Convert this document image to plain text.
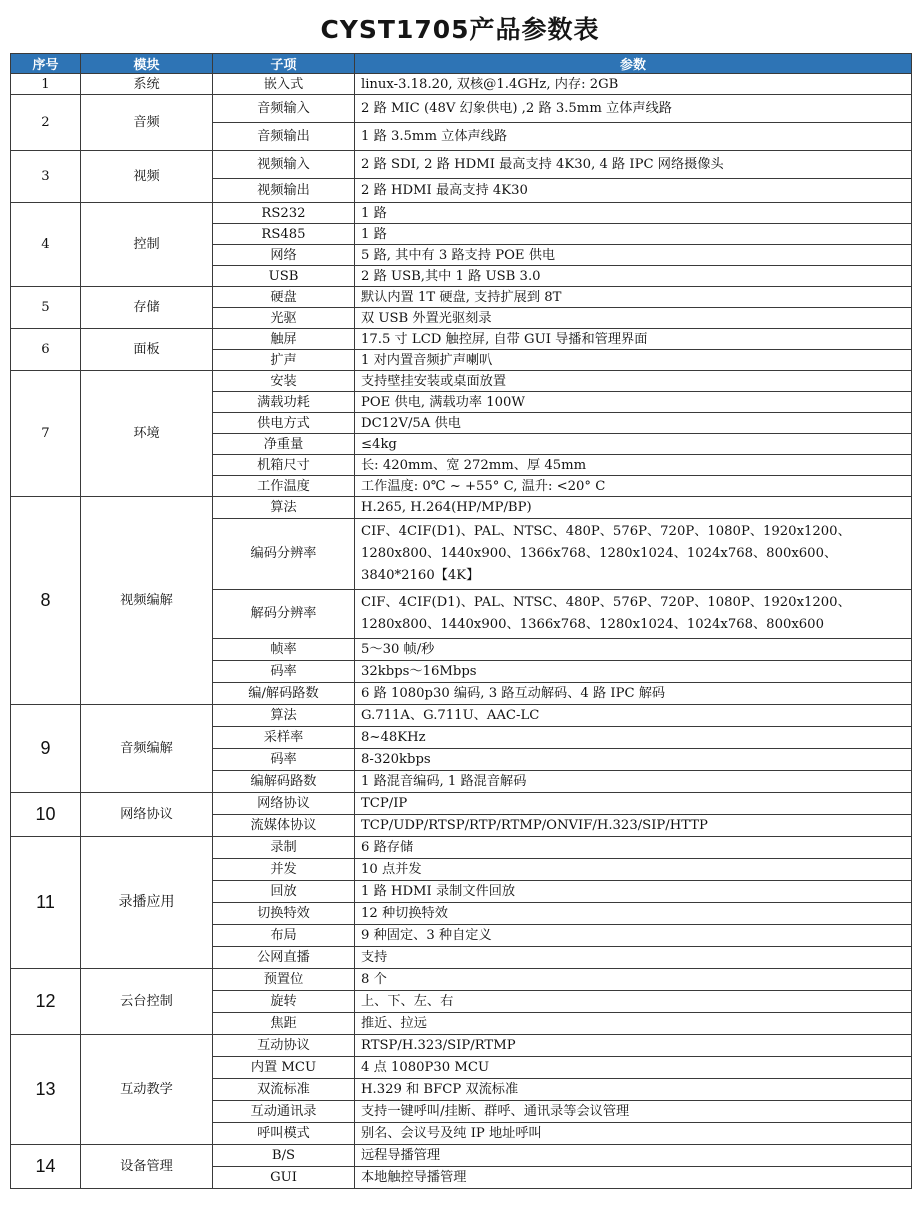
CYST1705产品参数表
序号	模块	子项	参数
1	系统	嵌入式	linux-3.18.20, 双核@1.4GHz, 内存: 2GB
2	音频	音频输入	2 路 MIC (48V 幻象供电) ,2 路 3.5mm 立体声线路
		音频输出	1 路 3.5mm 立体声线路
3	视频	视频输入	2 路 SDI, 2 路 HDMI 最高支持 4K30, 4 路 IPC 网络摄像头
		视频输出	2 路 HDMI 最高支持 4K30
4	控制	RS232	1 路
		RS485	1 路
		网络	5 路, 其中有 3 路支持 POE 供电
		USB	2 路 USB,其中 1 路 USB 3.0
5	存储	硬盘	默认内置 1T 硬盘, 支持扩展到 8T
		光驱	双 USB 外置光驱刻录
6	面板	触屏	17.5 寸 LCD 触控屏, 自带 GUI 导播和管理界面
		扩声	1 对内置音频扩声喇叭
7	环境	安装	支持壁挂安装或桌面放置
		满载功耗	POE 供电, 满载功率 100W
		供电方式	DC12V/5A 供电
		净重量	≤4kg
		机箱尺寸	长: 420mm、宽 272mm、厚 45mm
		工作温度	工作温度: 0℃ ~ +55° C, 温升: <20° C
8	视频编解	算法	H.265, H.264(HP/MP/BP)
		编码分辨率	CIF、4CIF(D1)、PAL、NTSC、480P、576P、720P、1080P、1920x1200、1280x800、1440x900、1366x768、1280x1024、1024x768、800x600、3840*2160【4K】
		解码分辨率	CIF、4CIF(D1)、PAL、NTSC、480P、576P、720P、1080P、1920x1200、1280x800、1440x900、1366x768、1280x1024、1024x768、800x600
		帧率	5～30 帧/秒
		码率	32kbps～16Mbps
		编/解码路数	6 路 1080p30 编码, 3 路互动解码、4 路 IPC 解码
9	音频编解	算法	G.711A、G.711U、AAC-LC
		采样率	8~48KHz
		码率	8-320kbps
		编解码路数	1 路混音编码, 1 路混音解码
10	网络协议	网络协议	TCP/IP
		流媒体协议	TCP/UDP/RTSP/RTP/RTMP/ONVIF/H.323/SIP/HTTP
11	录播应用	录制	6 路存储
		并发	10 点并发
		回放	1 路 HDMI 录制文件回放
		切换特效	12 种切换特效
		布局	9 种固定、3 种自定义
		公网直播	支持
12	云台控制	预置位	8 个
		旋转	上、下、左、右
		焦距	推近、拉远
13	互动教学	互动协议	RTSP/H.323/SIP/RTMP
		内置 MCU	4 点 1080P30 MCU
		双流标准	H.329 和 BFCP 双流标准
		互动通讯录	支持一键呼叫/挂断、群呼、通讯录等会议管理
		呼叫模式	别名、会议号及纯 IP 地址呼叫
14	设备管理	B/S	远程导播管理
		GUI	本地触控导播管理
